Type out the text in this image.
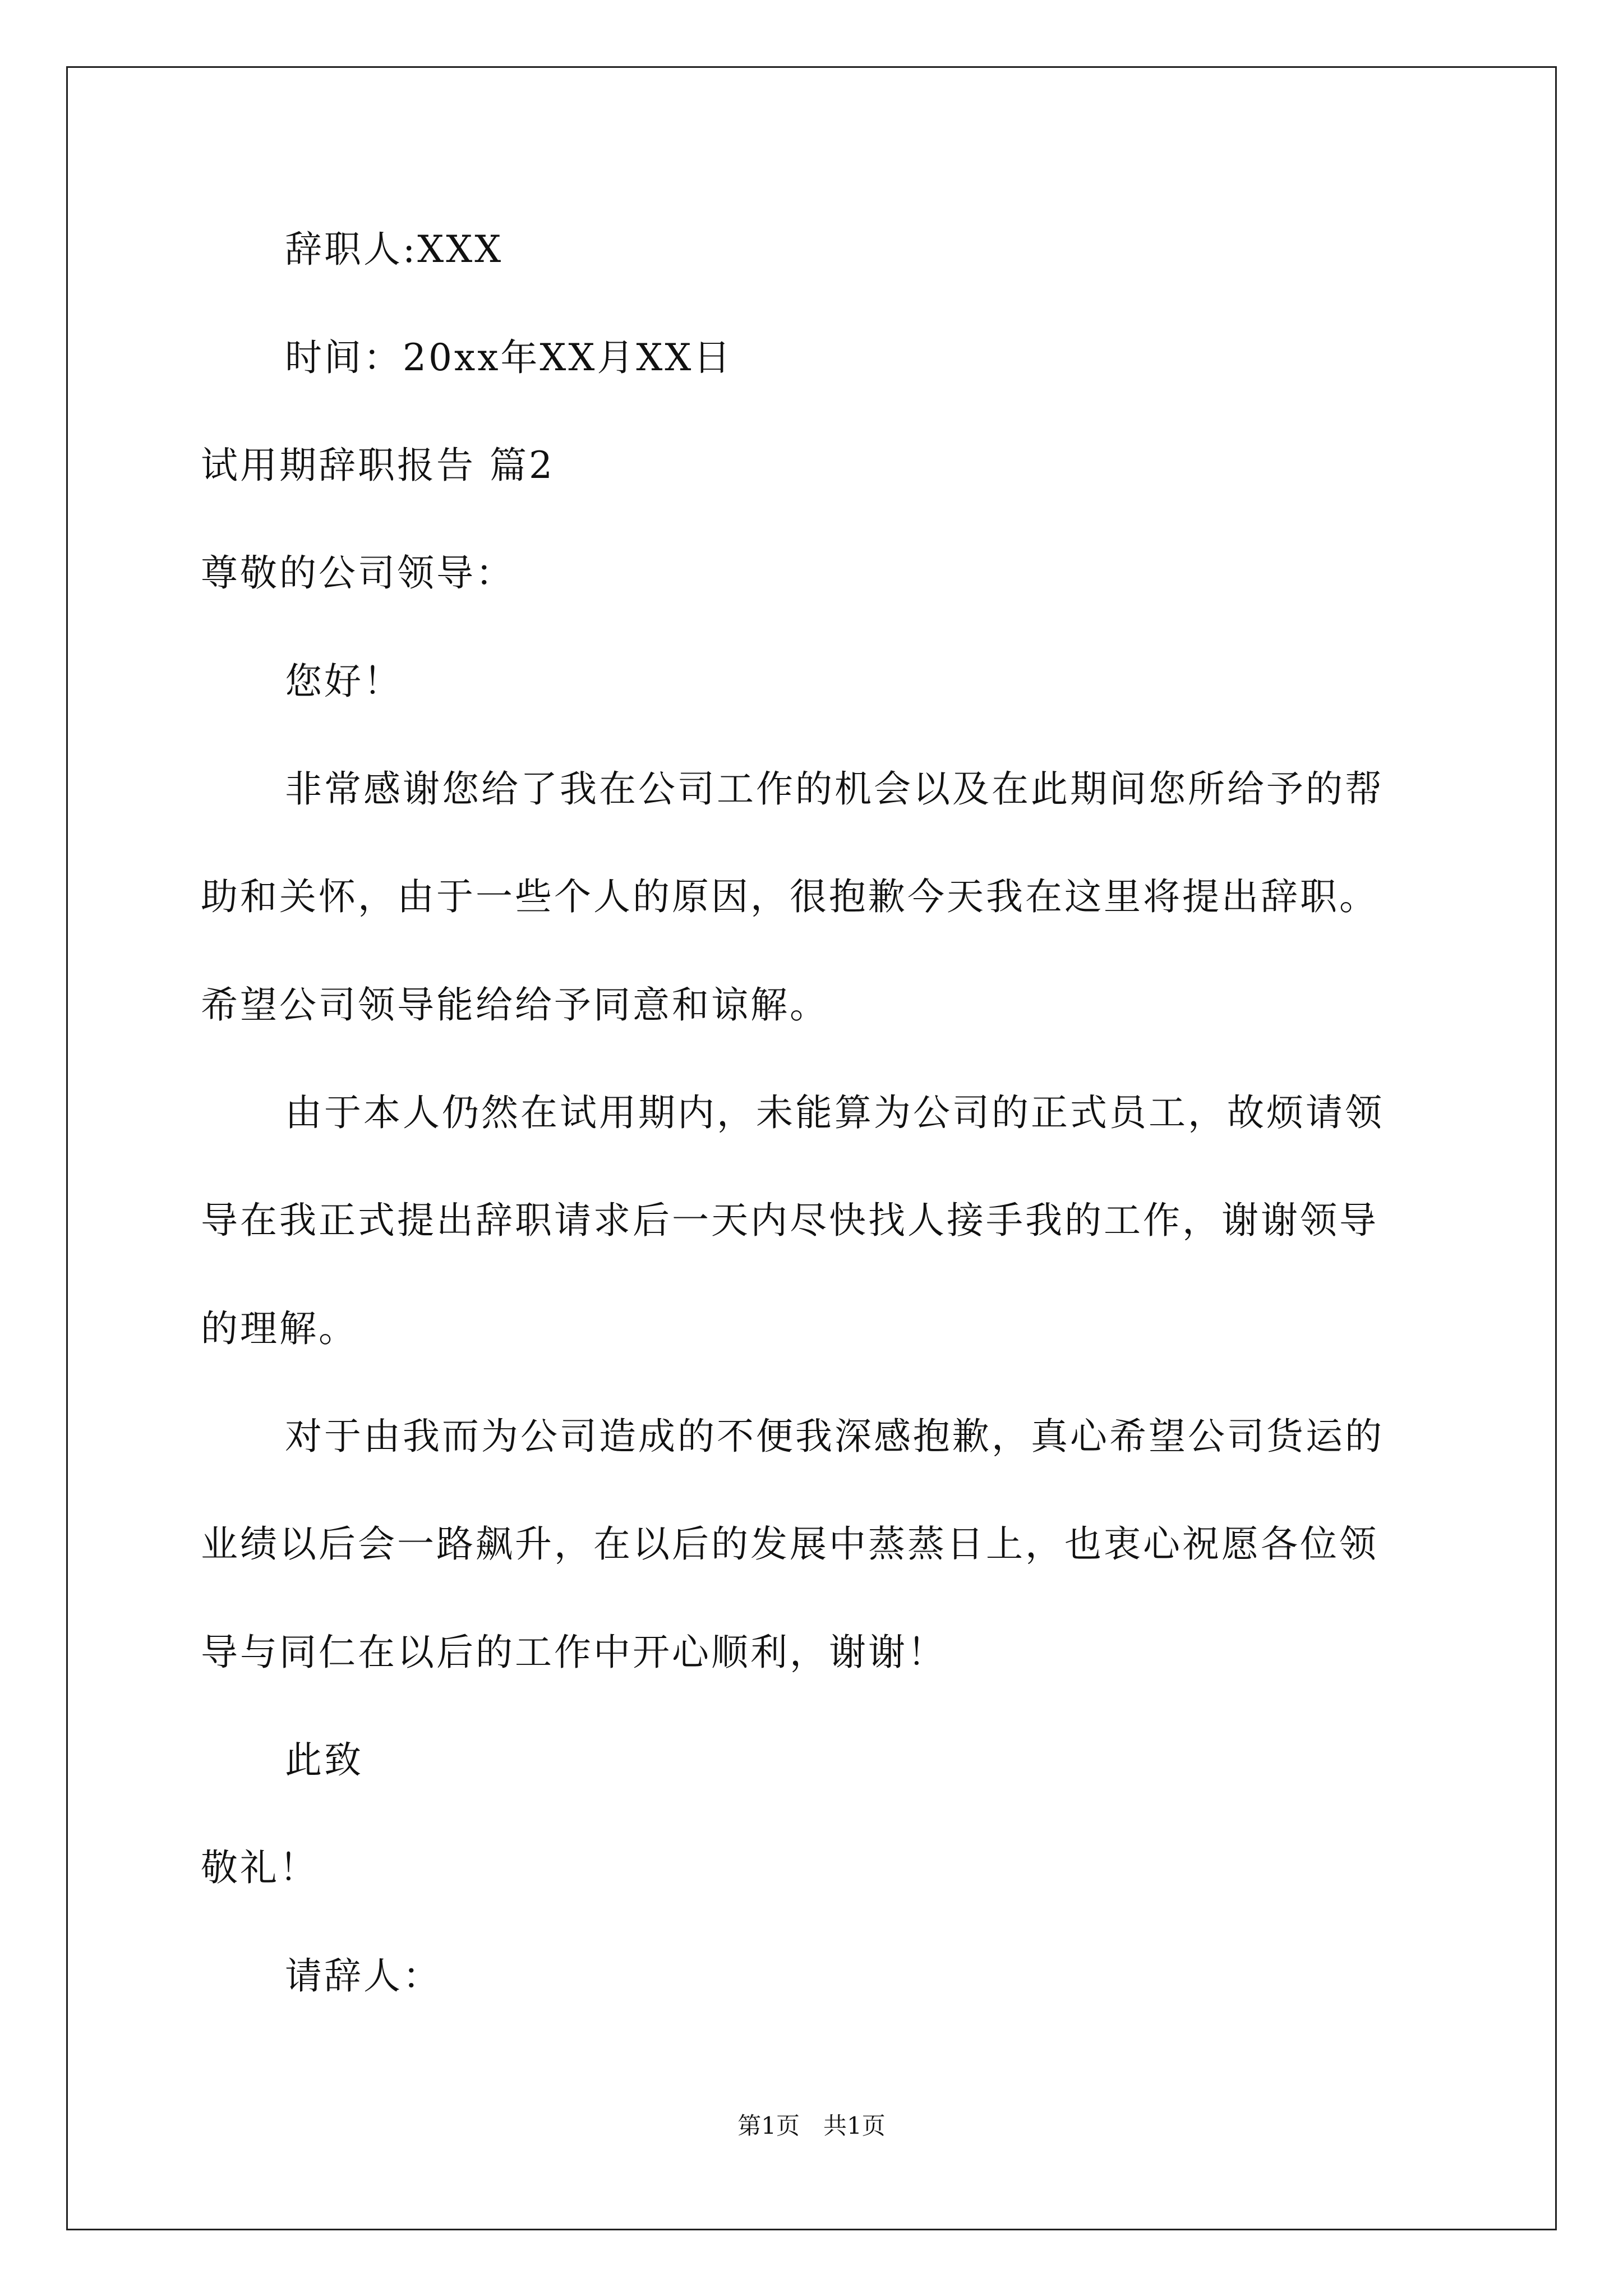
辞职人:XXX
时间：20xx年XX月XX日
试用期辞职报告 篇2
尊敬的公司领导：
您好！
非常感谢您给了我在公司工作的机会以及在此期间您所给予的帮
助和关怀，由于一些个人的原因，很抱歉今天我在这里将提出辞职。
希望公司领导能给给予同意和谅解。
由于本人仍然在试用期内，未能算为公司的正式员工，故烦请领
导在我正式提出辞职请求后一天内尽快找人接手我的工作，谢谢领导
的理解。
对于由我而为公司造成的不便我深感抱歉，真心希望公司货运的
业绩以后会一路飙升，在以后的发展中蒸蒸日上，也衷心祝愿各位领
导与同仁在以后的工作中开心顺利，谢谢！
此致
敬礼！
请辞人：
第1页　共1页
